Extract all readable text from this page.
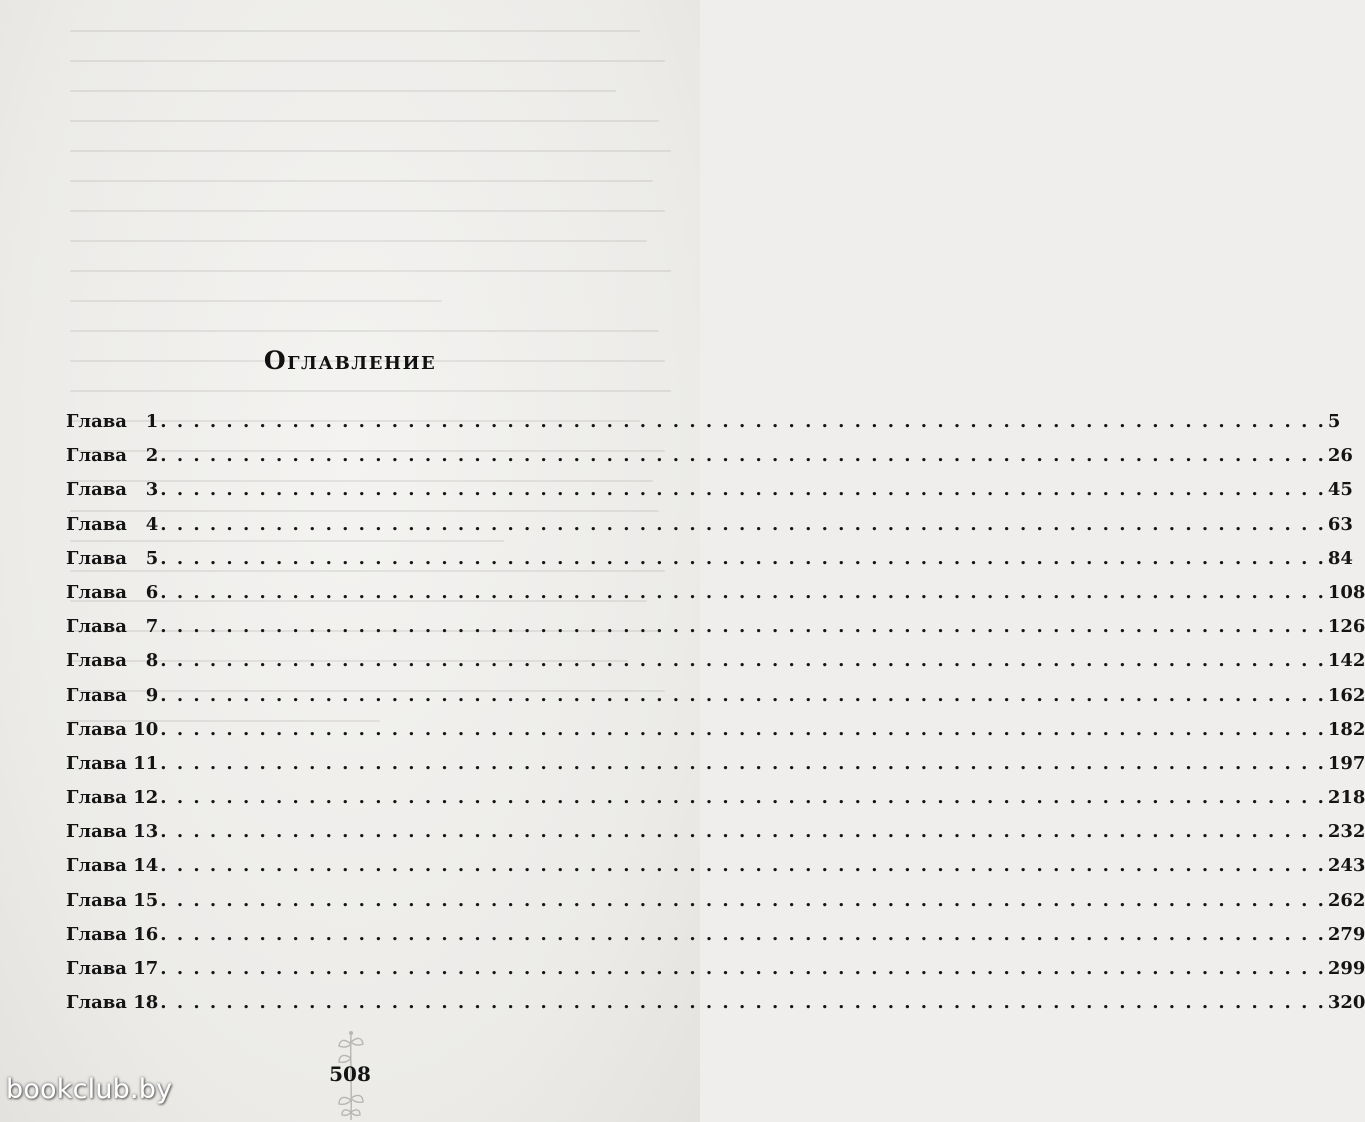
Оглавление
Глава   1 . . . . . . . . . . . . . . . . . . . . . . . . . . . . . . . . . . . . . . . . . . . . . . . . . . . . . . . . . . . . . . . . . . . . . . . 5
Глава   2 . . . . . . . . . . . . . . . . . . . . . . . . . . . . . . . . . . . . . . . . . . . . . . . . . . . . . . . . . . . . . . . . . . . . . . . 26
Глава   3 . . . . . . . . . . . . . . . . . . . . . . . . . . . . . . . . . . . . . . . . . . . . . . . . . . . . . . . . . . . . . . . . . . . . . . . 45
Глава   4 . . . . . . . . . . . . . . . . . . . . . . . . . . . . . . . . . . . . . . . . . . . . . . . . . . . . . . . . . . . . . . . . . . . . . . . 63
Глава   5 . . . . . . . . . . . . . . . . . . . . . . . . . . . . . . . . . . . . . . . . . . . . . . . . . . . . . . . . . . . . . . . . . . . . . . . 84
Глава   6 . . . . . . . . . . . . . . . . . . . . . . . . . . . . . . . . . . . . . . . . . . . . . . . . . . . . . . . . . . . . . . . . . . . . . . . 108
Глава   7 . . . . . . . . . . . . . . . . . . . . . . . . . . . . . . . . . . . . . . . . . . . . . . . . . . . . . . . . . . . . . . . . . . . . . . . 126
Глава   8 . . . . . . . . . . . . . . . . . . . . . . . . . . . . . . . . . . . . . . . . . . . . . . . . . . . . . . . . . . . . . . . . . . . . . . . 142
Глава   9 . . . . . . . . . . . . . . . . . . . . . . . . . . . . . . . . . . . . . . . . . . . . . . . . . . . . . . . . . . . . . . . . . . . . . . . 162
Глава 10 . . . . . . . . . . . . . . . . . . . . . . . . . . . . . . . . . . . . . . . . . . . . . . . . . . . . . . . . . . . . . . . . . . . . . . . 182
Глава 11 . . . . . . . . . . . . . . . . . . . . . . . . . . . . . . . . . . . . . . . . . . . . . . . . . . . . . . . . . . . . . . . . . . . . . . . 197
Глава 12 . . . . . . . . . . . . . . . . . . . . . . . . . . . . . . . . . . . . . . . . . . . . . . . . . . . . . . . . . . . . . . . . . . . . . . . 218
Глава 13 . . . . . . . . . . . . . . . . . . . . . . . . . . . . . . . . . . . . . . . . . . . . . . . . . . . . . . . . . . . . . . . . . . . . . . . 232
Глава 14 . . . . . . . . . . . . . . . . . . . . . . . . . . . . . . . . . . . . . . . . . . . . . . . . . . . . . . . . . . . . . . . . . . . . . . . 243
Глава 15 . . . . . . . . . . . . . . . . . . . . . . . . . . . . . . . . . . . . . . . . . . . . . . . . . . . . . . . . . . . . . . . . . . . . . . . 262
Глава 16 . . . . . . . . . . . . . . . . . . . . . . . . . . . . . . . . . . . . . . . . . . . . . . . . . . . . . . . . . . . . . . . . . . . . . . . 279
Глава 17 . . . . . . . . . . . . . . . . . . . . . . . . . . . . . . . . . . . . . . . . . . . . . . . . . . . . . . . . . . . . . . . . . . . . . . . 299
Глава 18 . . . . . . . . . . . . . . . . . . . . . . . . . . . . . . . . . . . . . . . . . . . . . . . . . . . . . . . . . . . . . . . . . . . . . . . 320
508
bookclub.by
